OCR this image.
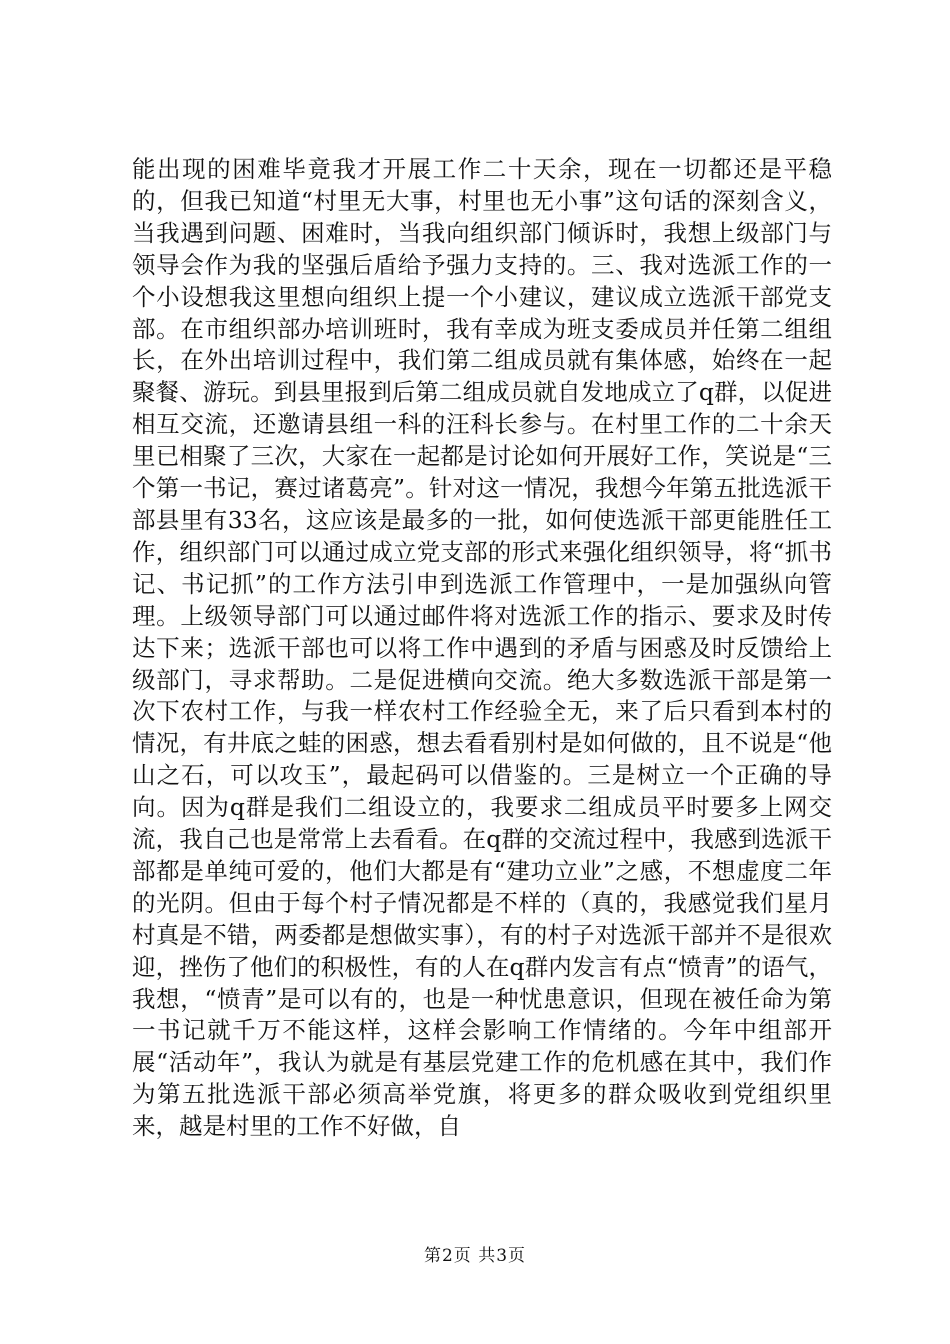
能出现的困难毕竟我才开展工作二十天余，现在一切都还是平稳的，但我已知道“村里无大事，村里也无小事”这句话的深刻含义，当我遇到问题、困难时，当我向组织部门倾诉时，我想上级部门与领导会作为我的坚强后盾给予强力支持的。三、我对选派工作的一个小设想我这里想向组织上提一个小建议，建议成立选派干部党支部。在市组织部办培训班时，我有幸成为班支委成员并任第二组组长，在外出培训过程中，我们第二组成员就有集体感，始终在一起聚餐、游玩。到县里报到后第二组成员就自发地成立了q群，以促进相互交流，还邀请县组一科的汪科长参与。在村里工作的二十余天里已相聚了三次，大家在一起都是讨论如何开展好工作，笑说是“三个第一书记，赛过诸葛亮”。针对这一情况，我想今年第五批选派干部县里有33名，这应该是最多的一批，如何使选派干部更能胜任工作，组织部门可以通过成立党支部的形式来强化组织领导，将“抓书记、书记抓”的工作方法引申到选派工作管理中，一是加强纵向管理。上级领导部门可以通过邮件将对选派工作的指示、要求及时传达下来；选派干部也可以将工作中遇到的矛盾与困惑及时反馈给上级部门，寻求帮助。二是促进横向交流。绝大多数选派干部是第一次下农村工作，与我一样农村工作经验全无，来了后只看到本村的情况，有井底之蛙的困惑，想去看看别村是如何做的，且不说是“他山之石，可以攻玉”，最起码可以借鉴的。三是树立一个正确的导向。因为q群是我们二组设立的，我要求二组成员平时要多上网交流，我自己也是常常上去看看。在q群的交流过程中，我感到选派干部都是单纯可爱的，他们大都是有“建功立业”之感，不想虚度二年的光阴。但由于每个村子情况都是不样的（真的，我感觉我们星月村真是不错，两委都是想做实事），有的村子对选派干部并不是很欢迎，挫伤了他们的积极性，有的人在q群内发言有点“愤青”的语气，我想，“愤青”是可以有的，也是一种忧患意识，但现在被任命为第一书记就千万不能这样，这样会影响工作情绪的。今年中组部开展“活动年”，我认为就是有基层党建工作的危机感在其中，我们作为第五批选派干部必须高举党旗，将更多的群众吸收到党组织里来，越是村里的工作不好做，自

第2页 共3页
